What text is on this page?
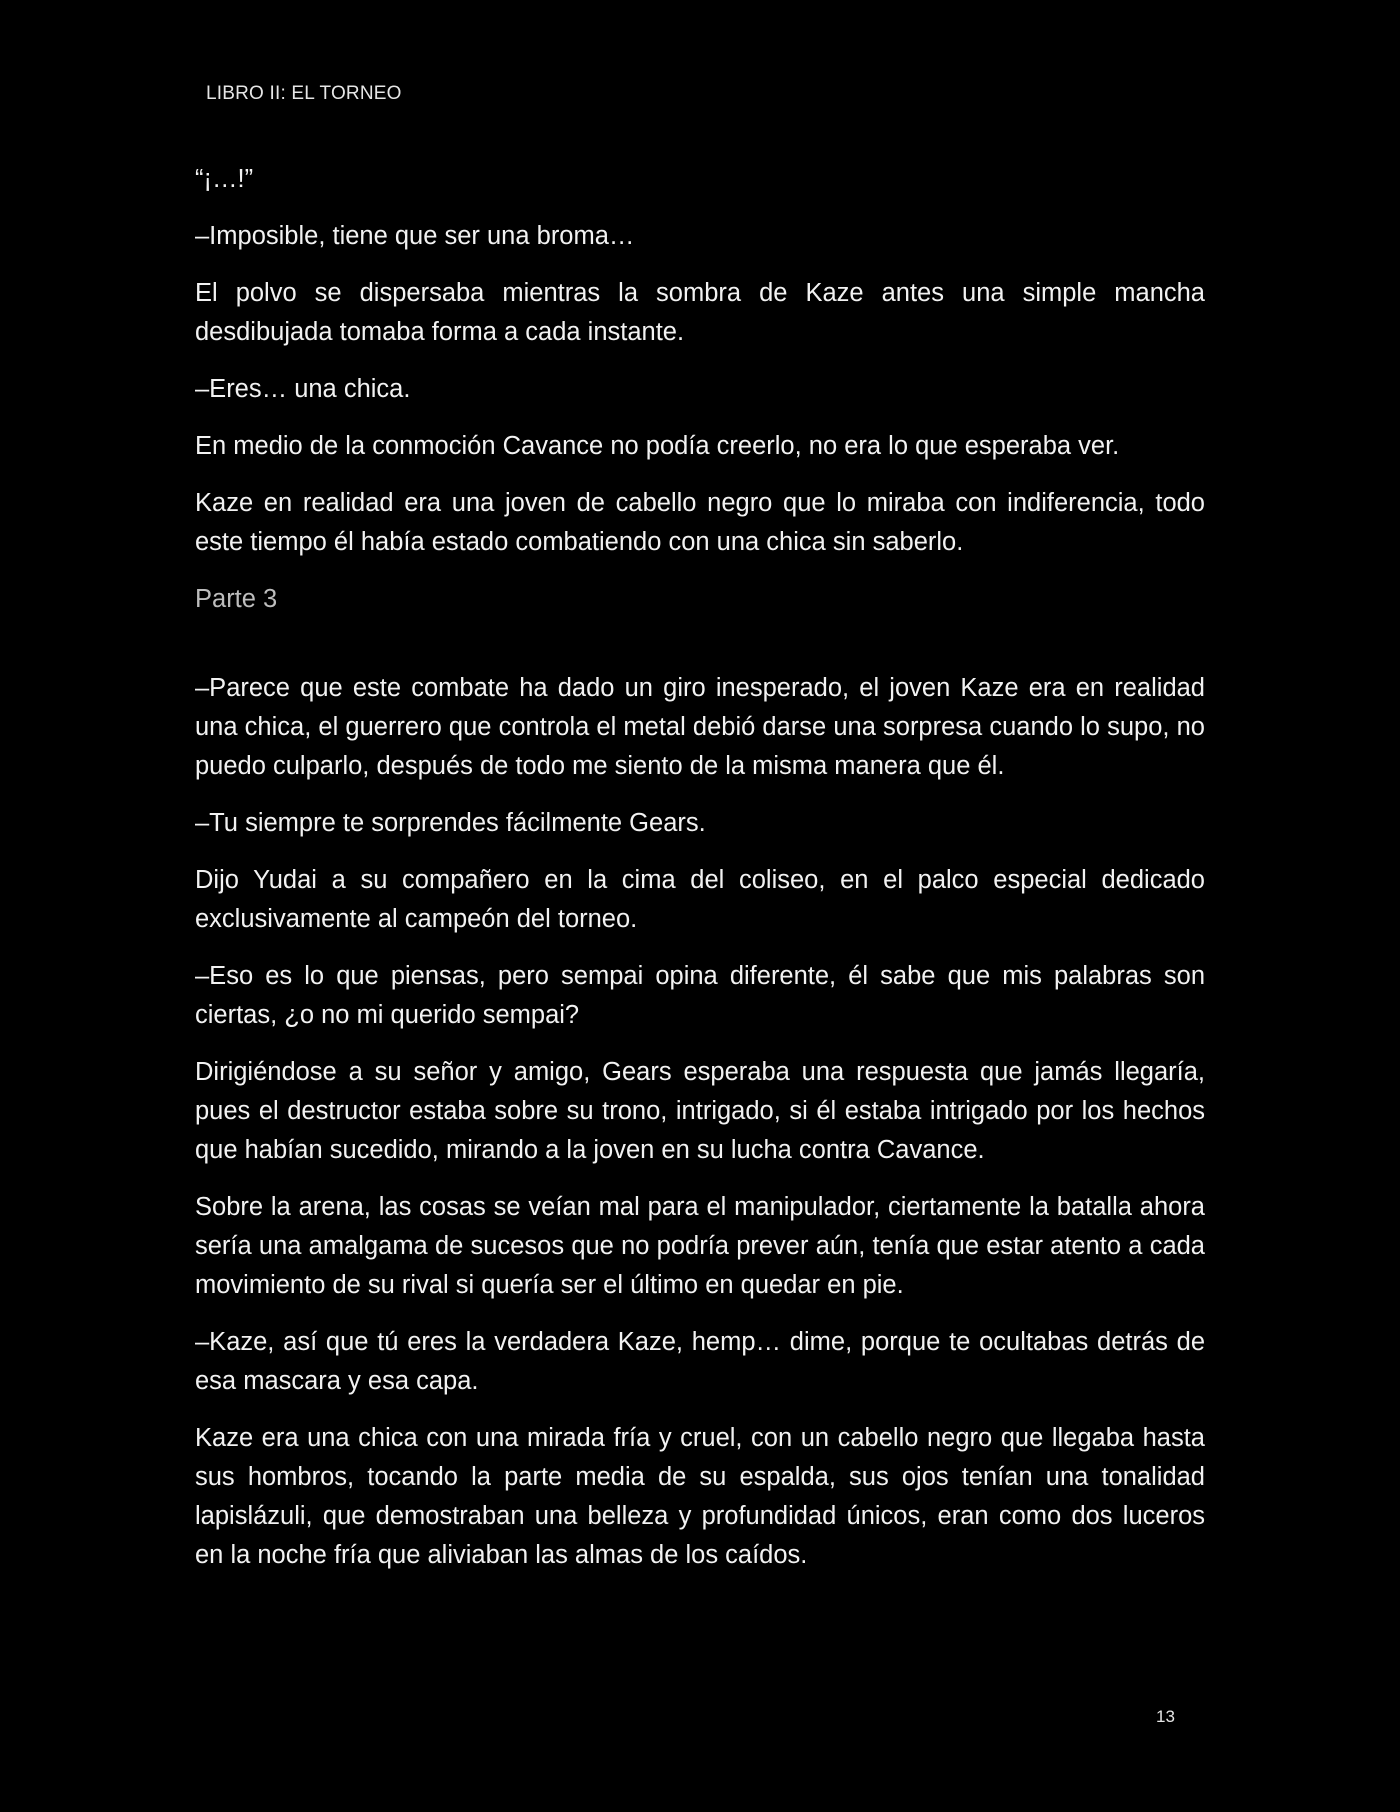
LIBRO II: EL TORNEO

“¡…!”

–Imposible, tiene que ser una broma…

El polvo se dispersaba mientras la sombra de Kaze antes una simple mancha desdibujada tomaba forma a cada instante.

–Eres… una chica.

En medio de la conmoción Cavance no podía creerlo, no era lo que esperaba ver.

Kaze en realidad era una joven de cabello negro que lo miraba con indiferencia, todo este tiempo él había estado combatiendo con una chica sin saberlo.

Parte 3

–Parece que este combate ha dado un giro inesperado, el joven Kaze era en realidad una chica, el guerrero que controla el metal debió darse una sorpresa cuando lo supo, no puedo culparlo, después de todo me siento de la misma manera que él.

–Tu siempre te sorprendes fácilmente Gears.

Dijo Yudai a su compañero en la cima del coliseo, en el palco especial dedicado exclusivamente al campeón del torneo.

–Eso es lo que piensas, pero sempai opina diferente, él sabe que mis palabras son ciertas, ¿o no mi querido sempai?

Dirigiéndose a su señor y amigo, Gears esperaba una respuesta que jamás llegaría, pues el destructor estaba sobre su trono, intrigado, si él estaba intrigado por los hechos que habían sucedido, mirando a la joven en su lucha contra Cavance.

Sobre la arena, las cosas se veían mal para el manipulador, ciertamente la batalla ahora sería una amalgama de sucesos que no podría prever aún, tenía que estar atento a cada movimiento de su rival si quería ser el último en quedar en pie.

–Kaze, así que tú eres la verdadera Kaze, hemp… dime, porque te ocultabas detrás de esa mascara y esa capa.

Kaze era una chica con una mirada fría y cruel, con un cabello negro que llegaba hasta sus hombros, tocando la parte media de su espalda, sus ojos tenían una tonalidad lapislázuli, que demostraban una belleza y profundidad únicos, eran como dos luceros en la noche fría que aliviaban las almas de los caídos.

13
